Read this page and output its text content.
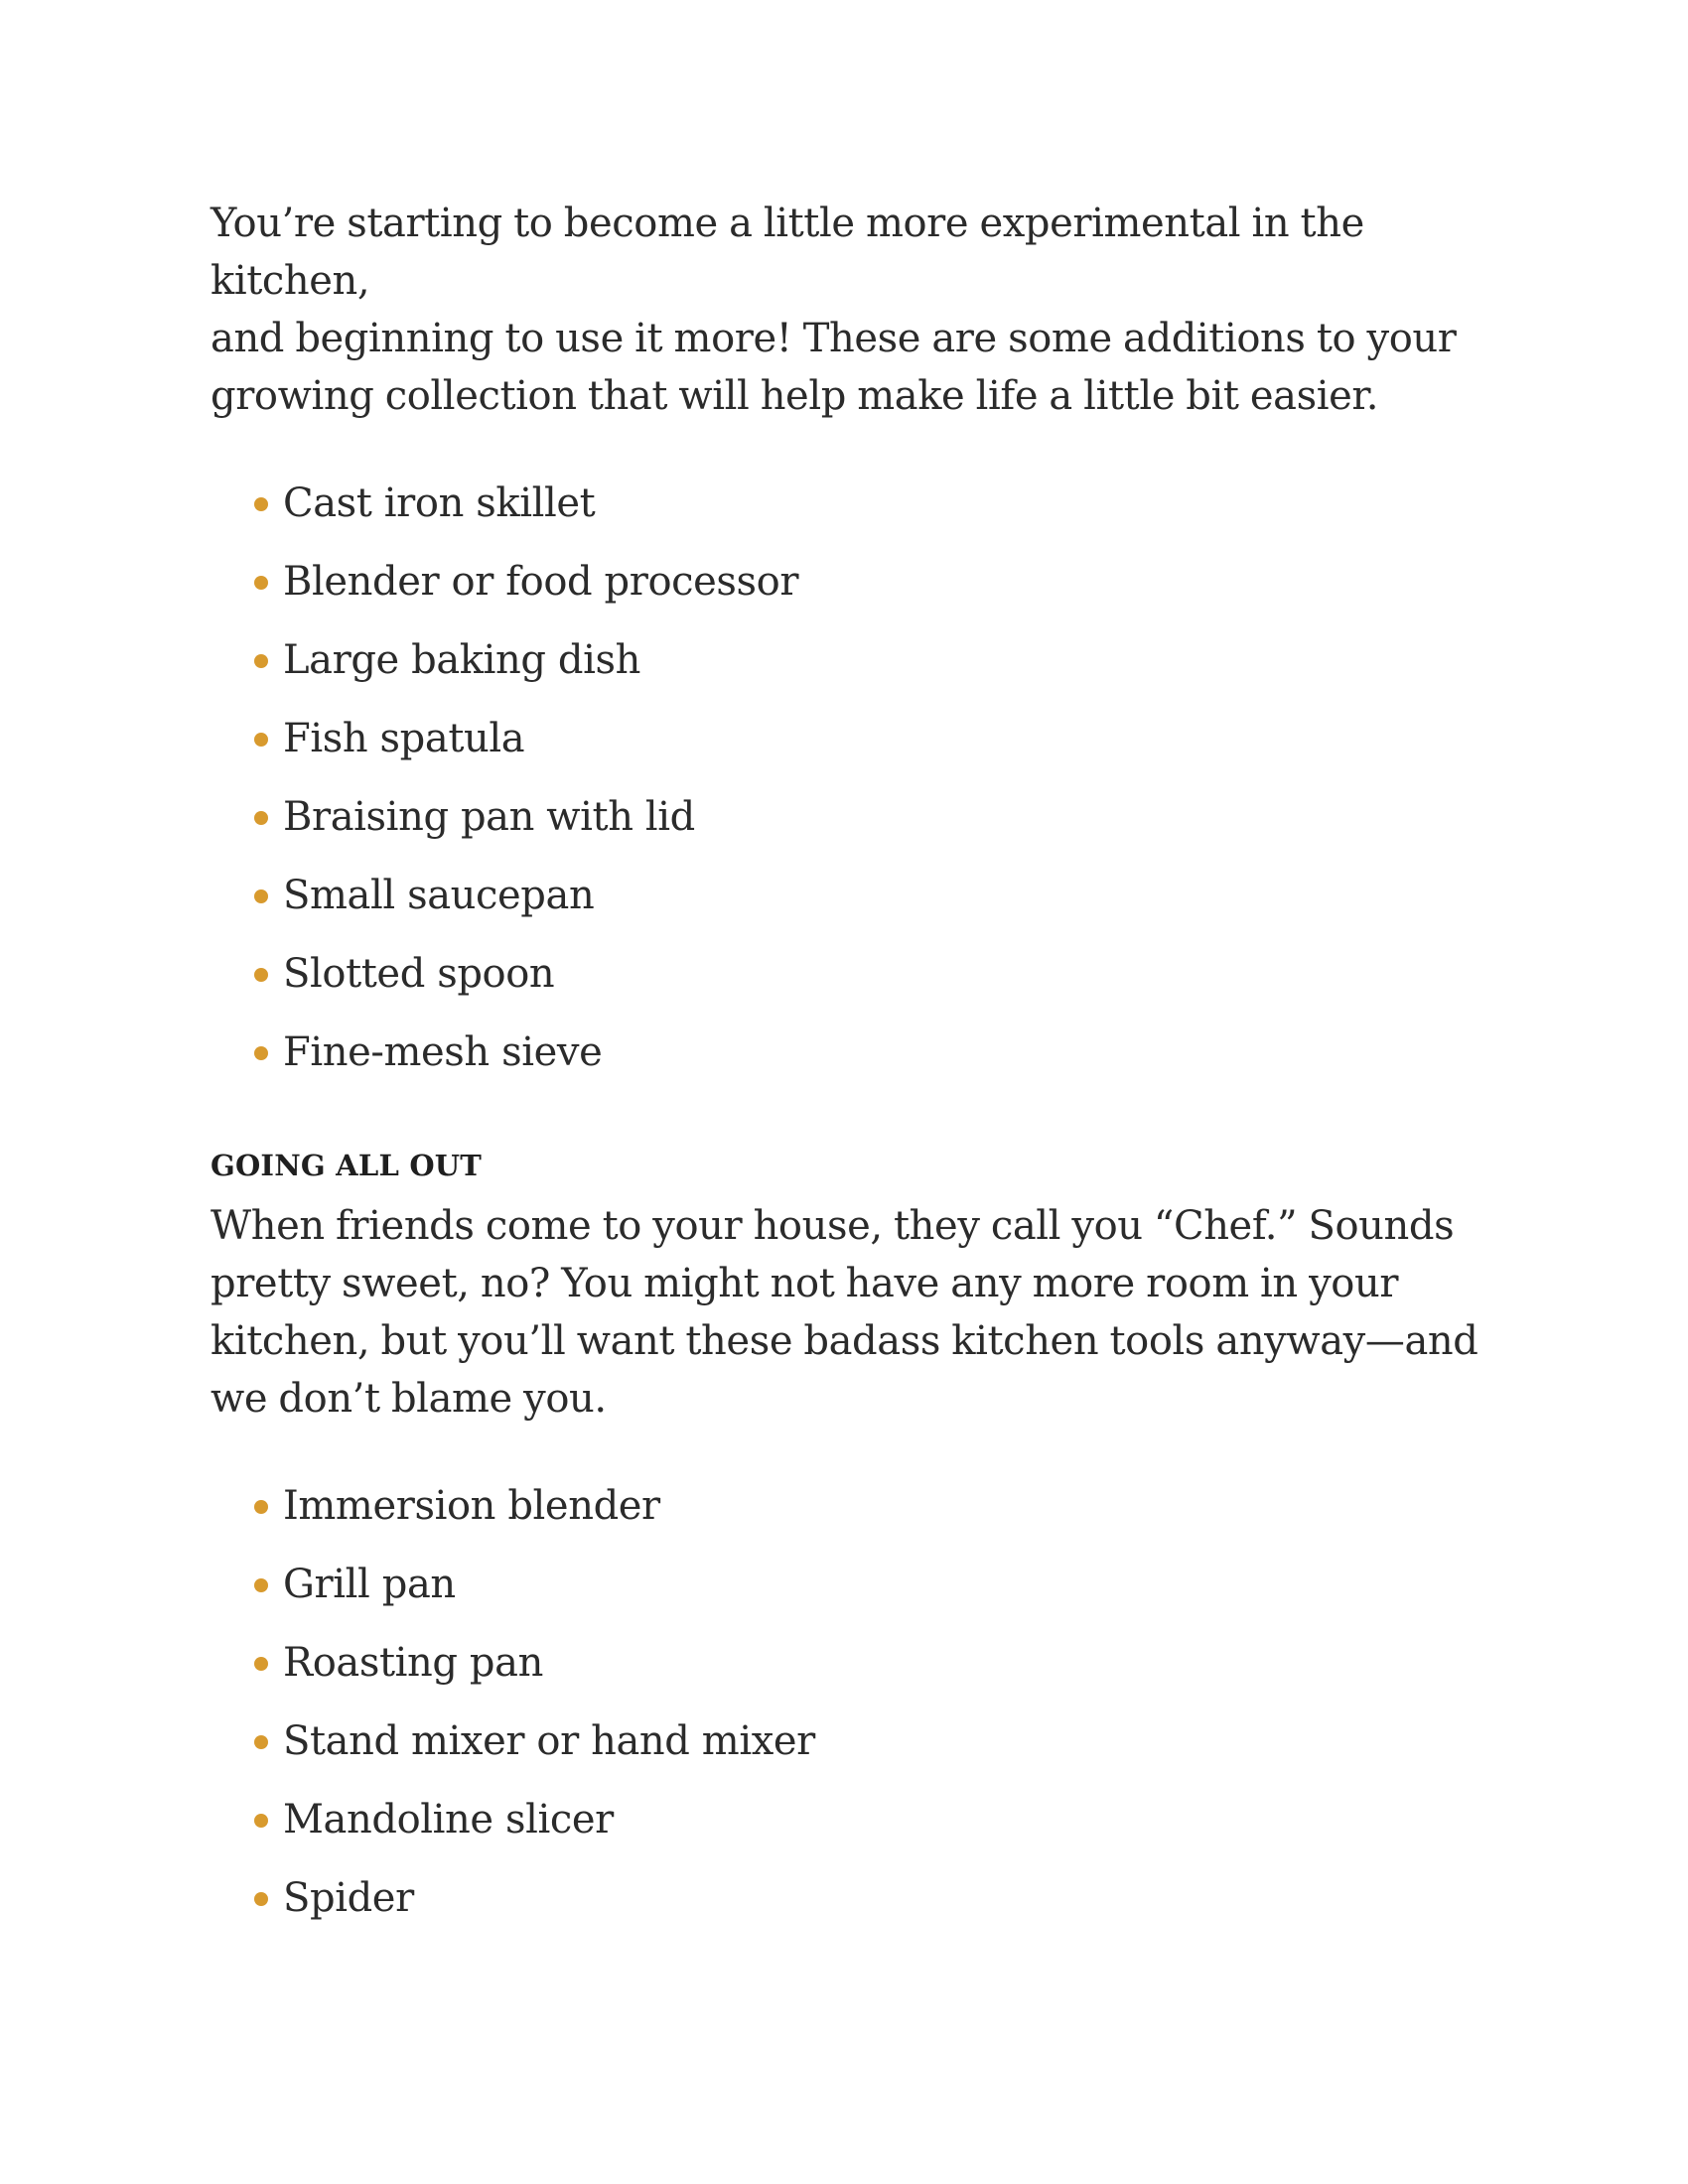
You’re starting to become a little more experimental in the kitchen,
and beginning to use it more! These are some additions to your
growing collection that will help make life a little bit easier.

Cast iron skillet
Blender or food processor
Large baking dish
Fish spatula
Braising pan with lid
Small saucepan
Slotted spoon
Fine-mesh sieve
GOING ALL OUT

When friends come to your house, they call you “Chef.” Sounds
pretty sweet, no? You might not have any more room in your
kitchen, but you’ll want these badass kitchen tools anyway—and
we don’t blame you.

Immersion blender
Grill pan
Roasting pan
Stand mixer or hand mixer
Mandoline slicer
Spider
